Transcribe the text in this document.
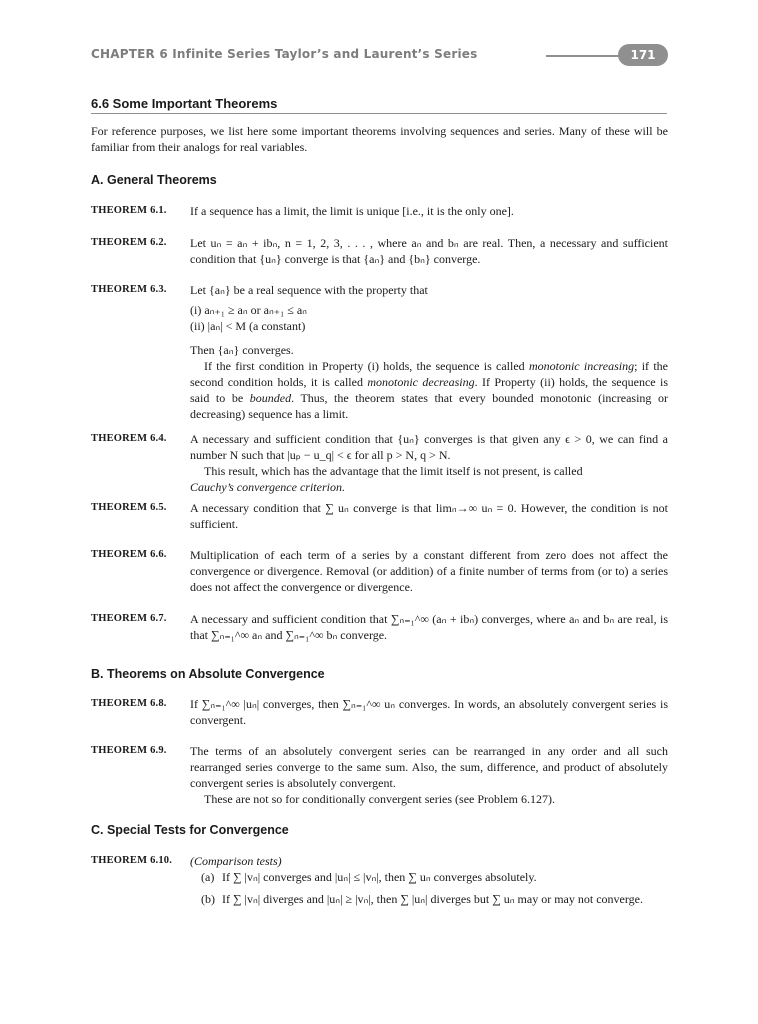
CHAPTER 6 Infinite Series Taylor’s and Laurent’s Series	171
6.6 Some Important Theorems
For reference purposes, we list here some important theorems involving sequences and series. Many of these will be familiar from their analogs for real variables.
A. General Theorems
THEOREM 6.1. If a sequence has a limit, the limit is unique [i.e., it is the only one].
THEOREM 6.2. Let uₙ = aₙ + ibₙ, n = 1, 2, 3, . . . , where aₙ and bₙ are real. Then, a necessary and sufficient condition that {uₙ} converge is that {aₙ} and {bₙ} converge.
THEOREM 6.3. Let {aₙ} be a real sequence with the property that

(i) aₙ₊₁ ≥ aₙ or aₙ₊₁ ≤ aₙ
(ii) |aₙ| < M (a constant)

Then {aₙ} converges.

If the first condition in Property (i) holds, the sequence is called monotonic increasing; if the second condition holds, it is called monotonic decreasing. If Property (ii) holds, the sequence is said to be bounded. Thus, the theorem states that every bounded monotonic (increasing or decreasing) sequence has a limit.

THEOREM 6.4. A necessary and sufficient condition that {uₙ} converges is that given any ϵ > 0, we can find a number N such that |uₚ − u_q| < ϵ for all p > N, q > N.

This result, which has the advantage that the limit itself is not present, is called

Cauchy’s convergence criterion.

THEOREM 6.5. A necessary condition that ∑ uₙ converge is that limₙ→∞ uₙ = 0. However, the condition is not sufficient.
THEOREM 6.6. Multiplication of each term of a series by a constant different from zero does not affect the convergence or divergence. Removal (or addition) of a finite number of terms from (or to) a series does not affect the convergence or divergence.
THEOREM 6.7. A necessary and sufficient condition that ∑ₙ₌₁^∞ (aₙ + ibₙ) converges, where aₙ and bₙ are real, is that ∑ₙ₌₁^∞ aₙ and ∑ₙ₌₁^∞ bₙ converge.
B. Theorems on Absolute Convergence
THEOREM 6.8. If ∑ₙ₌₁^∞ |uₙ| converges, then ∑ₙ₌₁^∞ uₙ converges. In words, an absolutely convergent series is convergent.
THEOREM 6.9. The terms of an absolutely convergent series can be rearranged in any order and all such rearranged series converge to the same sum. Also, the sum, difference, and product of absolutely convergent series is absolutely convergent.

These are not so for conditionally convergent series (see Problem 6.127).

C. Special Tests for Convergence
THEOREM 6.10. (Comparison tests)

(a) If ∑ |vₙ| converges and |uₙ| ≤ |vₙ|, then ∑ uₙ converges absolutely.
(b) If ∑ |vₙ| diverges and |uₙ| ≥ |vₙ|, then ∑ |uₙ| diverges but ∑ uₙ may or may not converge.
